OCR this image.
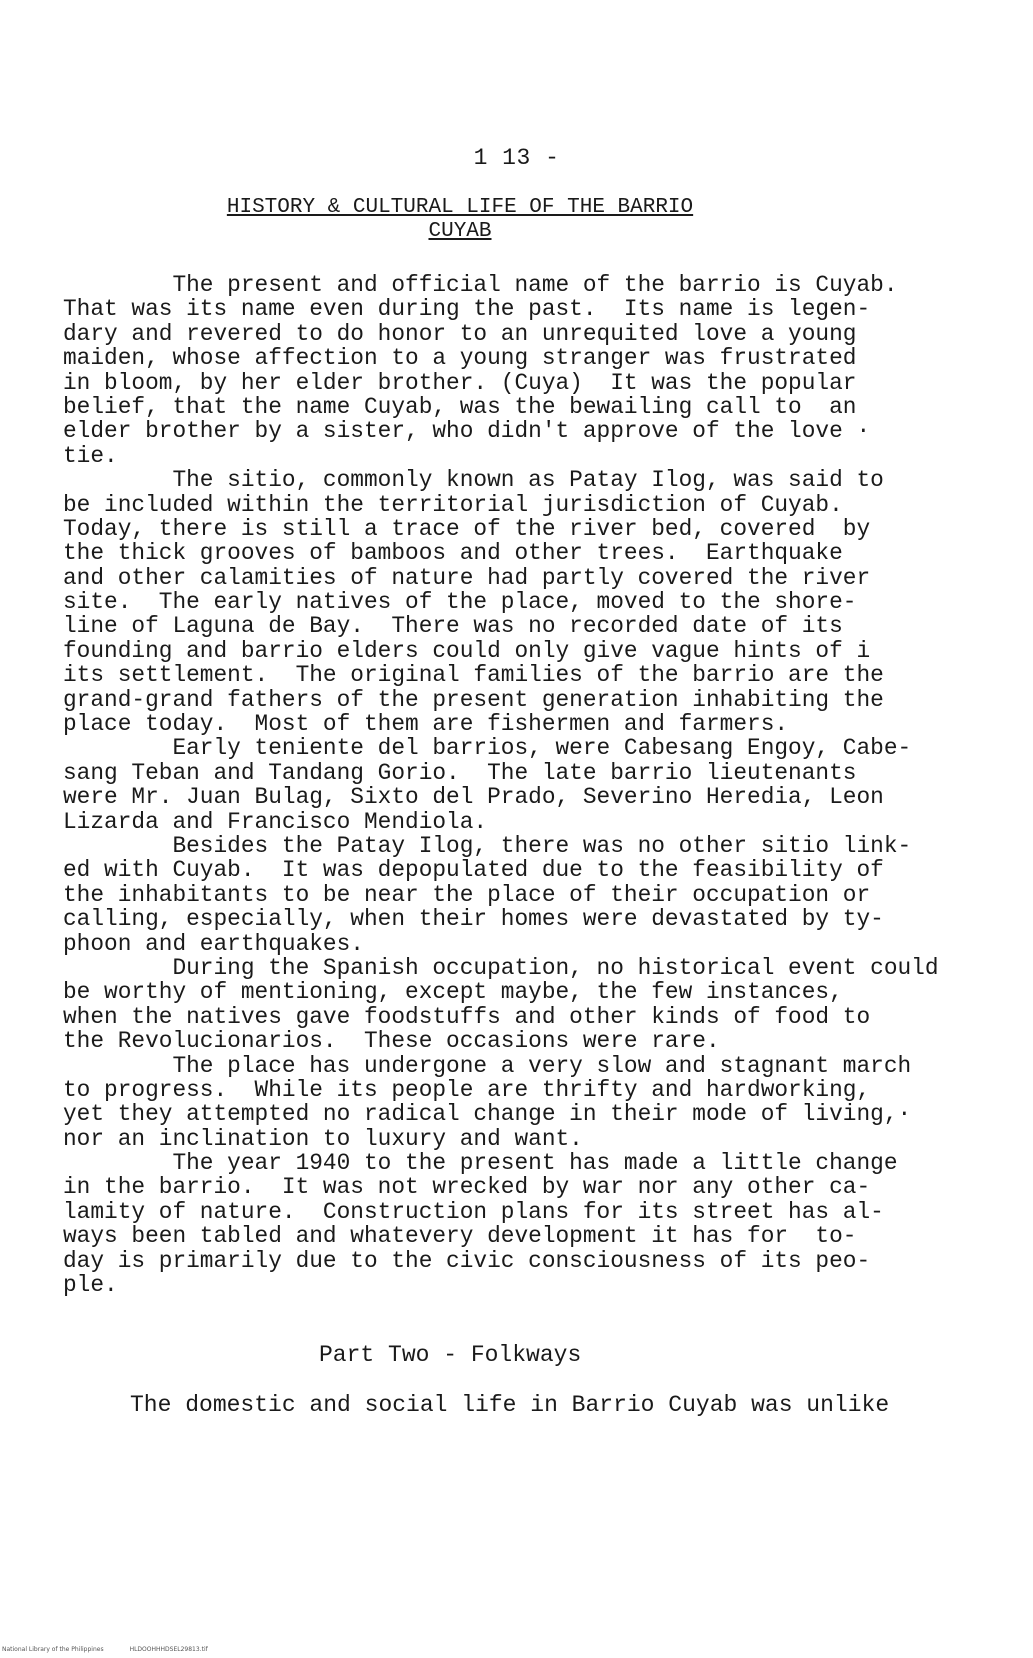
1 13 -
HISTORY & CULTURAL LIFE OF THE BARRIO
CUYAB
The present and official name of the barrio is Cuyab.
That was its name even during the past.  Its name is legen-
dary and revered to do honor to an unrequited love a young
maiden, whose affection to a young stranger was frustrated
in bloom, by her elder brother. (Cuya)  It was the popular
belief, that the name Cuyab, was the bewailing call to  an
elder brother by a sister, who didn't approve of the love ·
tie.
The sitio, commonly known as Patay Ilog, was said to
be included within the territorial jurisdiction of Cuyab.
Today, there is still a trace of the river bed, covered  by
the thick grooves of bamboos and other trees.  Earthquake
and other calamities of nature had partly covered the river
site.  The early natives of the place, moved to the shore-
line of Laguna de Bay.  There was no recorded date of its
founding and barrio elders could only give vague hints of i
its settlement.  The original families of the barrio are the
grand-grand fathers of the present generation inhabiting the
place today.  Most of them are fishermen and farmers.
Early teniente del barrios, were Cabesang Engoy, Cabe-
sang Teban and Tandang Gorio.  The late barrio lieutenants
were Mr. Juan Bulag, Sixto del Prado, Severino Heredia, Leon
Lizarda and Francisco Mendiola.
Besides the Patay Ilog, there was no other sitio link-
ed with Cuyab.  It was depopulated due to the feasibility of
the inhabitants to be near the place of their occupation or
calling, especially, when their homes were devastated by ty-
phoon and earthquakes.
During the Spanish occupation, no historical event could
be worthy of mentioning, except maybe, the few instances,
when the natives gave foodstuffs and other kinds of food to
the Revolucionarios.  These occasions were rare.
The place has undergone a very slow and stagnant march
to progress.  While its people are thrifty and hardworking,
yet they attempted no radical change in their mode of living,·
nor an inclination to luxury and want.
The year 1940 to the present has made a little change
in the barrio.  It was not wrecked by war nor any other ca-
lamity of nature.  Construction plans for its street has al-
ways been tabled and whatevery development it has for  to-
day is primarily due to the civic consciousness of its peo-
ple.
Part Two - Folkways
The domestic and social life in Barrio Cuyab was unlike
National Library of the Philippines	HLDOOHHHDSEL29813.tif
